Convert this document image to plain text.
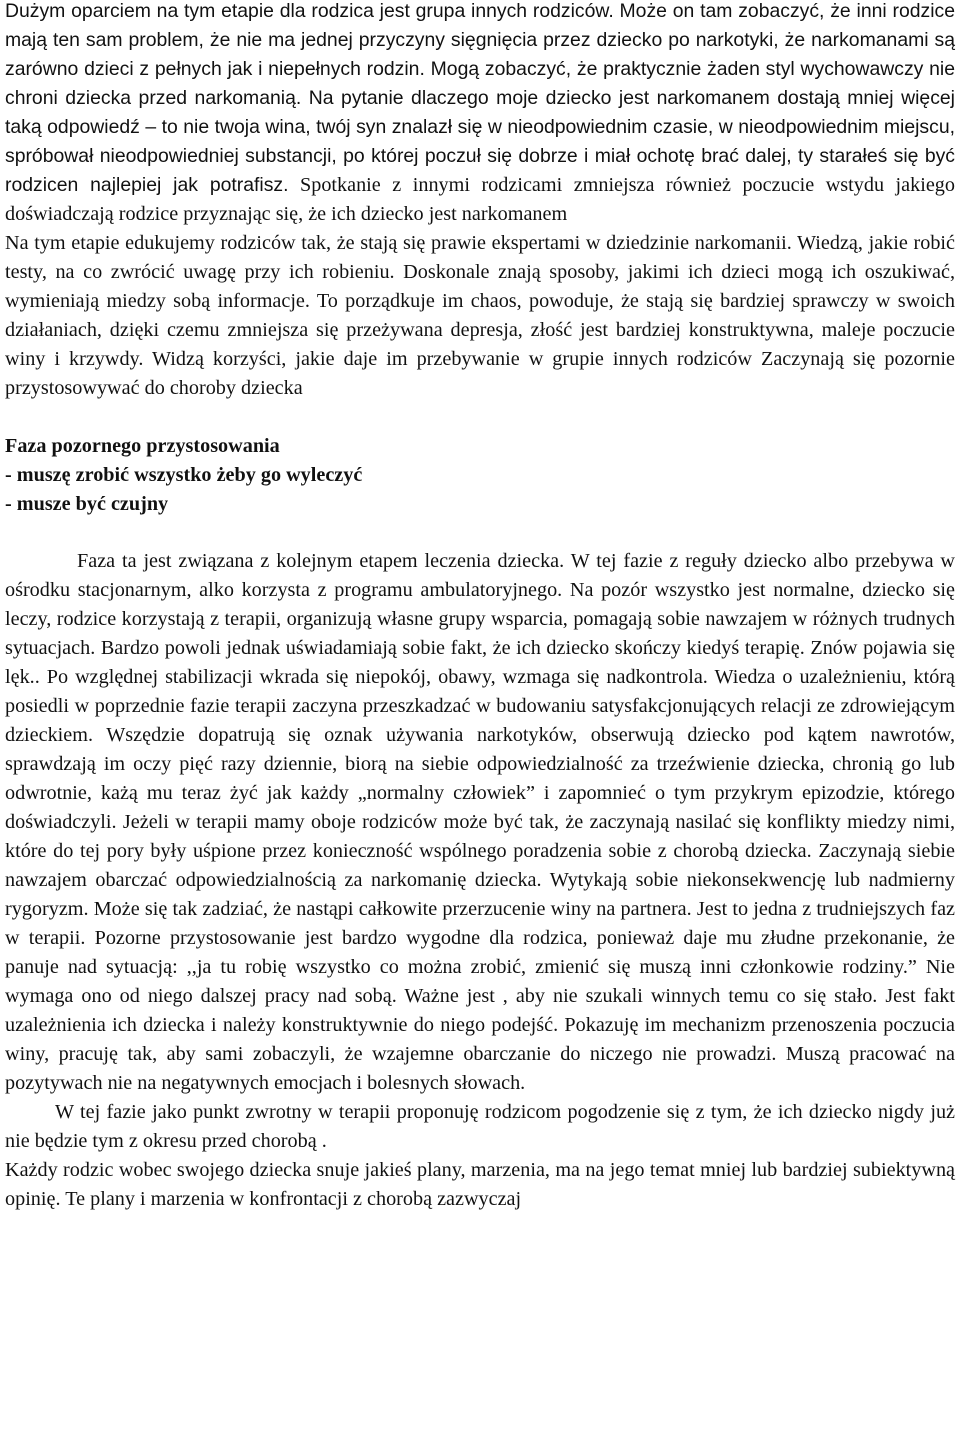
Dużym oparciem na tym etapie dla rodzica jest grupa innych rodziców. Może on tam zobaczyć, że inni rodzice mają ten sam problem, że nie ma jednej przyczyny sięgnięcia przez dziecko po narkotyki, że narkomanami są zarówno dzieci z pełnych jak i niepełnych rodzin. Mogą zobaczyć, że praktycznie żaden styl wychowawczy nie chroni dziecka przed narkomanią. Na pytanie dlaczego moje dziecko jest narkomanem dostają mniej więcej taką odpowiedź – to nie twoja wina, twój syn znalazł się w nieodpowiednim czasie, w nieodpowiednim miejscu, spróbował nieodpowiedniej substancji, po której poczuł się dobrze i miał ochotę brać dalej, ty starałeś się być rodzicen najlepiej jak potrafisz. Spotkanie z innymi rodzicami zmniejsza również poczucie wstydu jakiego doświadczają rodzice przyznając się, że ich dziecko jest narkomanem

Na tym etapie edukujemy rodziców tak, że stają się prawie ekspertami w dziedzinie narkomanii. Wiedzą, jakie robić testy, na co zwrócić uwagę przy ich robieniu. Doskonale znają sposoby, jakimi ich dzieci mogą ich oszukiwać, wymieniają miedzy sobą informacje. To porządkuje im chaos, powoduje, że stają się bardziej sprawczy w swoich działaniach, dzięki czemu zmniejsza się przeżywana depresja, złość jest bardziej konstruktywna, maleje poczucie winy i krzywdy. Widzą korzyści, jakie daje im przebywanie w grupie innych rodziców Zaczynają się pozornie przystosowywać do choroby dziecka

Faza pozornego przystosowania

- muszę zrobić wszystko żeby go wyleczyć

- musze być czujny

Faza ta jest związana z kolejnym etapem leczenia dziecka. W tej fazie z reguły dziecko albo przebywa w ośrodku stacjonarnym, alko korzysta z programu ambulatoryjnego. Na pozór wszystko jest normalne, dziecko się leczy, rodzice korzystają z terapii, organizują własne grupy wsparcia, pomagają sobie nawzajem w różnych trudnych sytuacjach. Bardzo powoli jednak uświadamiają sobie fakt, że ich dziecko skończy kiedyś terapię. Znów pojawia się lęk.. Po względnej stabilizacji wkrada się niepokój, obawy, wzmaga się nadkontrola. Wiedza o uzależnieniu, którą posiedli w poprzednie fazie terapii zaczyna przeszkadzać w budowaniu satysfakcjonujących relacji ze zdrowiejącym dzieckiem. Wszędzie dopatrują się oznak używania narkotyków, obserwują dziecko pod kątem nawrotów, sprawdzają im oczy pięć razy dziennie, biorą na siebie odpowiedzialność za trzeźwienie dziecka, chronią go lub odwrotnie, każą mu teraz żyć jak każdy „normalny człowiek” i zapomnieć o tym przykrym epizodzie, którego doświadczyli. Jeżeli w terapii mamy oboje rodziców może być tak, że zaczynają nasilać się konflikty miedzy nimi, które do tej pory były uśpione przez konieczność wspólnego poradzenia sobie z chorobą dziecka. Zaczynają siebie nawzajem obarczać odpowiedzialnością za narkomanię dziecka. Wytykają sobie niekonsekwencję lub nadmierny rygoryzm. Może się tak zadziać, że nastąpi całkowite przerzucenie winy na partnera. Jest to jedna z trudniejszych faz w terapii. Pozorne przystosowanie jest bardzo wygodne dla rodzica, ponieważ daje mu złudne przekonanie, że panuje nad sytuacją: ,,ja tu robię wszystko co można zrobić, zmienić się muszą inni członkowie rodziny.” Nie wymaga ono od niego dalszej pracy nad sobą. Ważne jest , aby nie szukali winnych temu co się stało. Jest fakt uzależnienia ich dziecka i należy konstruktywnie do niego podejść. Pokazuję im mechanizm przenoszenia poczucia winy, pracuję tak, aby sami zobaczyli, że wzajemne obarczanie do niczego nie prowadzi. Muszą pracować na pozytywach nie na negatywnych emocjach i bolesnych słowach.

W tej fazie jako punkt zwrotny w terapii proponuję rodzicom pogodzenie się z tym, że ich dziecko nigdy już nie będzie tym z okresu przed chorobą .

Każdy rodzic wobec swojego dziecka snuje jakieś plany, marzenia, ma na jego temat mniej lub bardziej subiektywną opinię. Te plany i marzenia w konfrontacji z chorobą zazwyczaj
